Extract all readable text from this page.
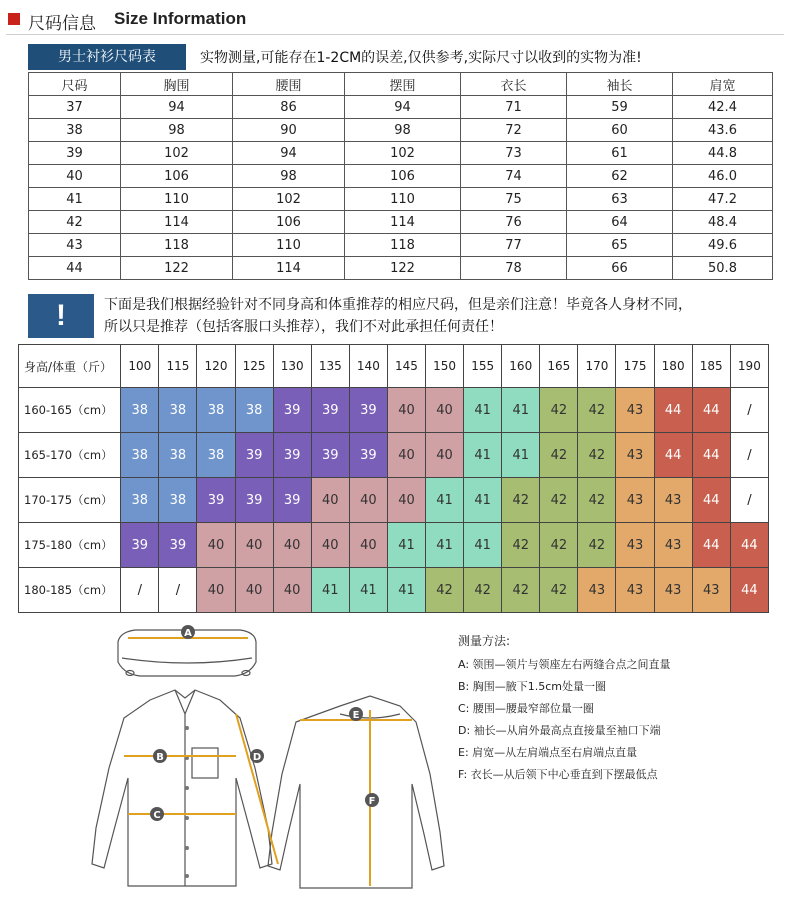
尺码信息 Size Information
男士衬衫尺码表	实物测量,可能存在1-2CM的误差,仅供参考,实际尺寸以收到的实物为准!
尺码	胸围	腰围	摆围	衣长	袖长	肩宽
37	94	86	94	71	59	42.4
38	98	90	98	72	60	43.6
39	102	94	102	73	61	44.8
40	106	98	106	74	62	46.0
41	110	102	110	75	63	47.2
42	114	106	114	76	64	48.4
43	118	110	118	77	65	49.6
44	122	114	122	78	66	50.8
!	下面是我们根据经验针对不同身高和体重推荐的相应尺码，但是亲们注意！毕竟各人身材不同，
所以只是推荐（包括客服口头推荐），我们不对此承担任何责任！
身高/体重（斤）	100	115	120	125	130	135	140	145	150	155	160	165	170	175	180	185	190
160-165（cm）	38	38	38	38	39	39	39	40	40	41	41	42	42	43	44	44	/
165-170（cm）	38	38	38	39	39	39	39	40	40	41	41	42	42	43	44	44	/
170-175（cm）	38	38	39	39	39	40	40	40	41	41	42	42	42	43	43	44	/
175-180（cm）	39	39	40	40	40	40	40	41	41	41	42	42	42	43	43	44	44
180-185（cm）	/	/	40	40	40	41	41	41	42	42	42	42	43	43	43	43	44
A
B
C
D
E
F
测量方法:
A: 领围—领片与领座左右两缝合点之间直量
B: 胸围—腋下1.5cm处量一圈
C: 腰围—腰最窄部位量一圈
D: 袖长—从肩外最高点直接量至袖口下端
E: 肩宽—从左肩端点至右肩端点直量
F: 衣长—从后领下中心垂直到下摆最低点
